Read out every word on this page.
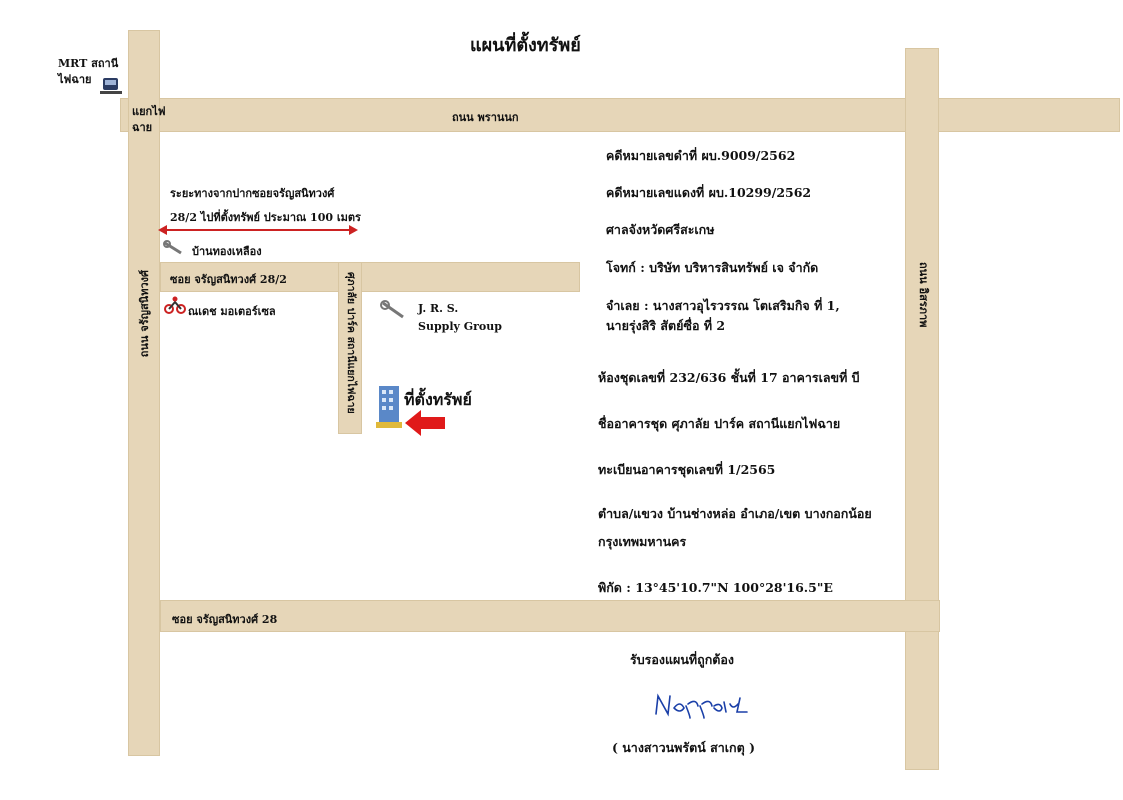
แผนที่ตั้งทรัพย์
MRT สถานี
ไฟฉาย
แยกไฟ
ฉาย
ถนน พรานนก
ถนน จรัญสนิทวงศ์	ถนน อิสรภาพ
ซอย จรัญสนิทวงศ์ 28/2
ซอย จรัญสนิทวงศ์ 28
ศุภาลัย ปาร์ค สถานีแยกไฟฉาย
ระยะทางจากปากซอยจรัญสนิทวงศ์
28/2 ไปที่ตั้งทรัพย์ ประมาณ 100 เมตร
บ้านทองเหลือง
ณเดช มอเตอร์เซล	J. R. S.
Supply Group
ที่ตั้งทรัพย์
คดีหมายเลขดำที่ ผบ.9009/2562
คดีหมายเลขแดงที่ ผบ.10299/2562
ศาลจังหวัดศรีสะเกษ
โจทก์ : บริษัท บริหารสินทรัพย์ เจ จำกัด
จำเลย : นางสาวอุไรวรรณ โตเสริมกิจ ที่ 1,
นายรุ่งสิริ สัตย์ซื่อ ที่ 2
ห้องชุดเลขที่ 232/636 ชั้นที่ 17 อาคารเลขที่ บี
ชื่ออาคารชุด ศุภาลัย ปาร์ค สถานีแยกไฟฉาย
ทะเบียนอาคารชุดเลขที่ 1/2565
ตำบล/แขวง บ้านช่างหล่อ อำเภอ/เขต บางกอกน้อย
กรุงเทพมหานคร
พิกัด : 13°45'10.7"N 100°28'16.5"E
รับรองแผนที่ถูกต้อง
( นางสาวนพรัตน์ สาเกตุ )
